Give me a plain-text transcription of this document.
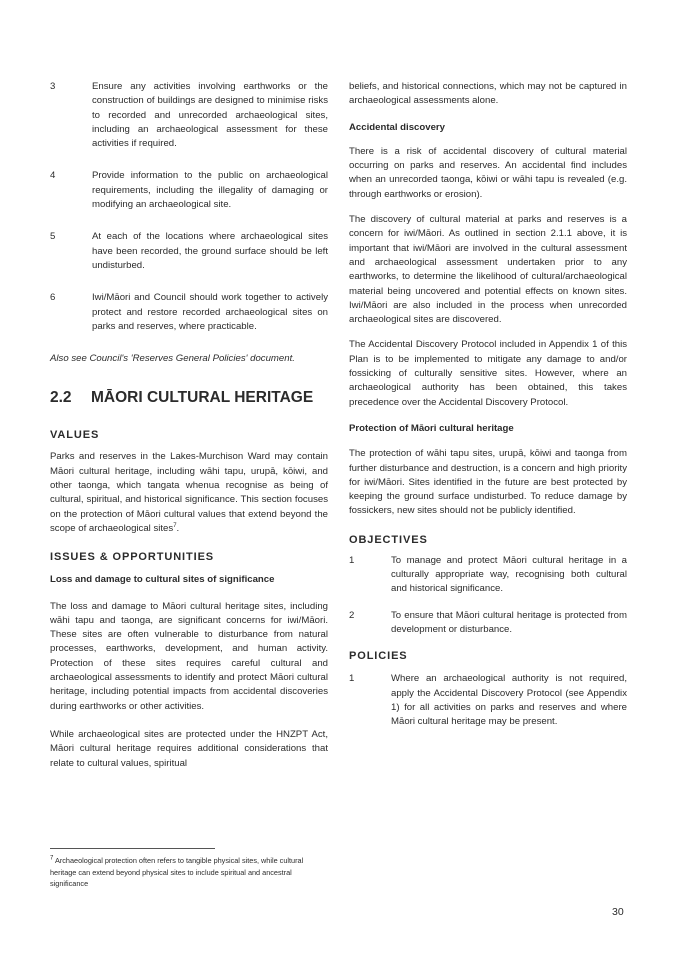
3	Ensure any activities involving earthworks or the construction of buildings are designed to minimise risks to recorded and unrecorded archaeological sites, including an archaeological assessment for these activities if required.
4	Provide information to the public on archaeological requirements, including the illegality of damaging or modifying an archaeological site.
5	At each of the locations where archaeological sites have been recorded, the ground surface should be left undisturbed.
6	Iwi/Māori and Council should work together to actively protect and restore recorded archaeological sites on parks and reserves, where practicable.

Also see Council's 'Reserves General Policies' document.

2.2	MĀORI CULTURAL HERITAGE
VALUES

Parks and reserves in the Lakes-Murchison Ward may contain Māori cultural heritage, including wāhi tapu, urupā, kōiwi, and other taonga, which tangata whenua recognise as being of cultural, spiritual, and historical significance. This section focuses on the protection of Māori cultural values that extend beyond the scope of archaeological sites$^7$.

ISSUES & OPPORTUNITIES
Loss and damage to cultural sites of significance

The loss and damage to Māori cultural heritage sites, including wāhi tapu and taonga, are significant concerns for iwi/Māori. These sites are often vulnerable to disturbance from natural processes, earthworks, development, and human activity. Protection of these sites requires careful cultural and archaeological assessments to identify and protect Māori cultural heritage, including potential impacts from accidental discoveries during earthworks or other activities.

While archaeological sites are protected under the HNZPT Act, Māori cultural heritage requires additional considerations that relate to cultural values, spiritual

beliefs, and historical connections, which may not be captured in archaeological assessments alone.

Accidental discovery

There is a risk of accidental discovery of cultural material occurring on parks and reserves. An accidental find includes when an unrecorded taonga, kōiwi or wāhi tapu is revealed (e.g. through earthworks or erosion).

The discovery of cultural material at parks and reserves is a concern for iwi/Māori. As outlined in section 2.1.1 above, it is important that iwi/Māori are involved in the cultural assessment and archaeological assessment undertaken prior to any earthworks, to determine the likelihood of cultural/archaeological material being uncovered and potential effects on known sites. Iwi/Māori are also included in the process when unrecorded archaeological sites are discovered.

The Accidental Discovery Protocol included in Appendix 1 of this Plan is to be implemented to mitigate any damage to and/or fossicking of culturally sensitive sites. However, where an archaeological authority has been obtained, this takes precedence over the Accidental Discovery Protocol.

Protection of Māori cultural heritage

The protection of wāhi tapu sites, urupā, kōiwi and taonga from further disturbance and destruction, is a concern and high priority for iwi/Māori. Sites identified in the future are best protected by keeping the ground surface undisturbed. To reduce damage by fossickers, new sites should not be publicly identified.

OBJECTIVES
1	To manage and protect Māori cultural heritage in a culturally appropriate way, recognising both cultural and historical significance.
2	To ensure that Māori cultural heritage is protected from development or disturbance.
POLICIES
1	Where an archaeological authority is not required, apply the Accidental Discovery Protocol (see Appendix 1) for all activities on parks and reserves and where Māori cultural heritage may be present.
$^7$ Archaeological protection often refers to tangible physical sites, while cultural heritage can extend beyond physical sites to include spiritual and ancestral significance
30
